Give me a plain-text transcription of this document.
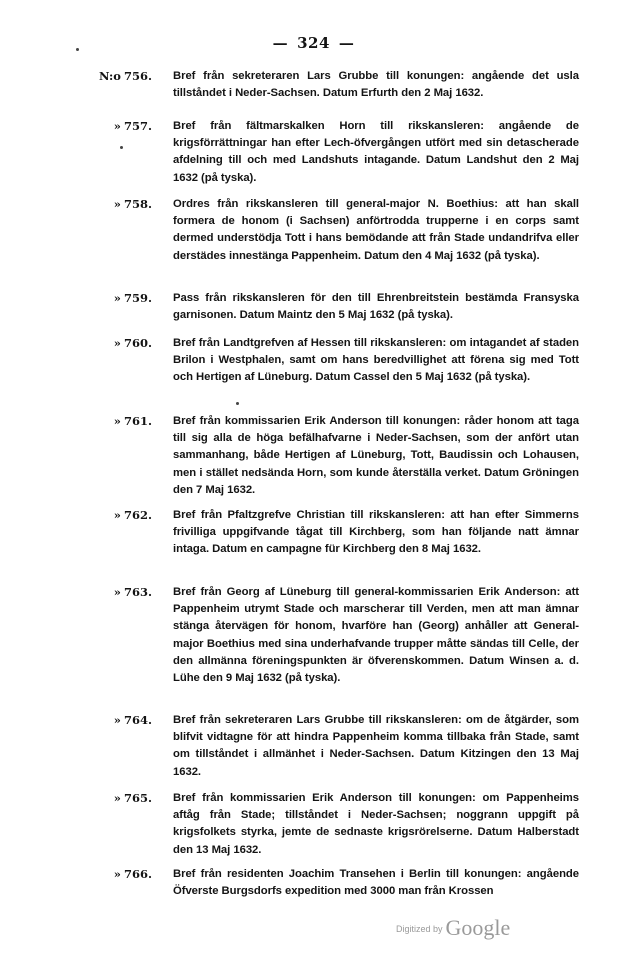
— 324 —
N:o 756. Bref från sekreteraren Lars Grubbe till konungen: angående det usla tillståndet i Neder-Sachsen. Datum Erfurth den 2 Maj 1632.
» 757. Bref från fältmarskalken Horn till rikskansleren: angående de krigsförrättningar han efter Lech-öfvergången utfört med sin detascherade afdelning till och med Landshuts intagande. Datum Landshut den 2 Maj 1632 (på tyska).
» 758. Ordres från rikskansleren till general-major N. Boethius: att han skall formera de honom (i Sachsen) anförtrodda trupperne i en corps samt dermed understödja Tott i hans bemödande att från Stade undandrifva eller derstädes innestänga Pappenheim. Datum den 4 Maj 1632 (på tyska).
» 759. Pass från rikskansleren för den till Ehrenbreitstein bestämda Fransyska garnisonen. Datum Maintz den 5 Maj 1632 (på tyska).
» 760. Bref från Landtgrefven af Hessen till rikskansleren: om intagandet af staden Brilon i Westphalen, samt om hans beredvillighet att förena sig med Tott och Hertigen af Lüneburg. Datum Cassel den 5 Maj 1632 (på tyska).
» 761. Bref från kommissarien Erik Anderson till konungen: råder honom att taga till sig alla de höga befälhafvarne i Neder-Sachsen, som der anfört utan sammanhang, både Hertigen af Lüneburg, Tott, Baudissin och Lohausen, men i stället nedsända Horn, som kunde återställa verket. Datum Gröningen den 7 Maj 1632.
» 762. Bref från Pfaltzgrefve Christian till rikskansleren: att han efter Simmerns frivilliga uppgifvande tågat till Kirchberg, som han följande natt ämnar intaga. Datum en campagne für Kirchberg den 8 Maj 1632.
» 763. Bref från Georg af Lüneburg till general-kommissarien Erik Anderson: att Pappenheim utrymt Stade och marscherar till Verden, men att man ämnar stänga återvägen för honom, hvarföre han (Georg) anhåller att General-major Boethius med sina underhafvande trupper måtte sändas till Celle, der den allmänna föreningspunkten är öfverenskommen. Datum Winsen a. d. Lühe den 9 Maj 1632 (på tyska).
» 764. Bref från sekreteraren Lars Grubbe till rikskansleren: om de åtgärder, som blifvit vidtagne för att hindra Pappenheim komma tillbaka från Stade, samt om tillståndet i allmänhet i Neder-Sachsen. Datum Kitzingen den 13 Maj 1632.
» 765. Bref från kommissarien Erik Anderson till konungen: om Pappenheims aftåg från Stade; tillståndet i Neder-Sachsen; noggrann uppgift på krigsfolkets styrka, jemte de sednaste krigsrörelserne. Datum Halberstadt den 13 Maj 1632.
» 766. Bref från residenten Joachim Transehen i Berlin till konungen: angående Öfverste Burgsdorfs expedition med 3000 man från Krossen
Digitized by Google
